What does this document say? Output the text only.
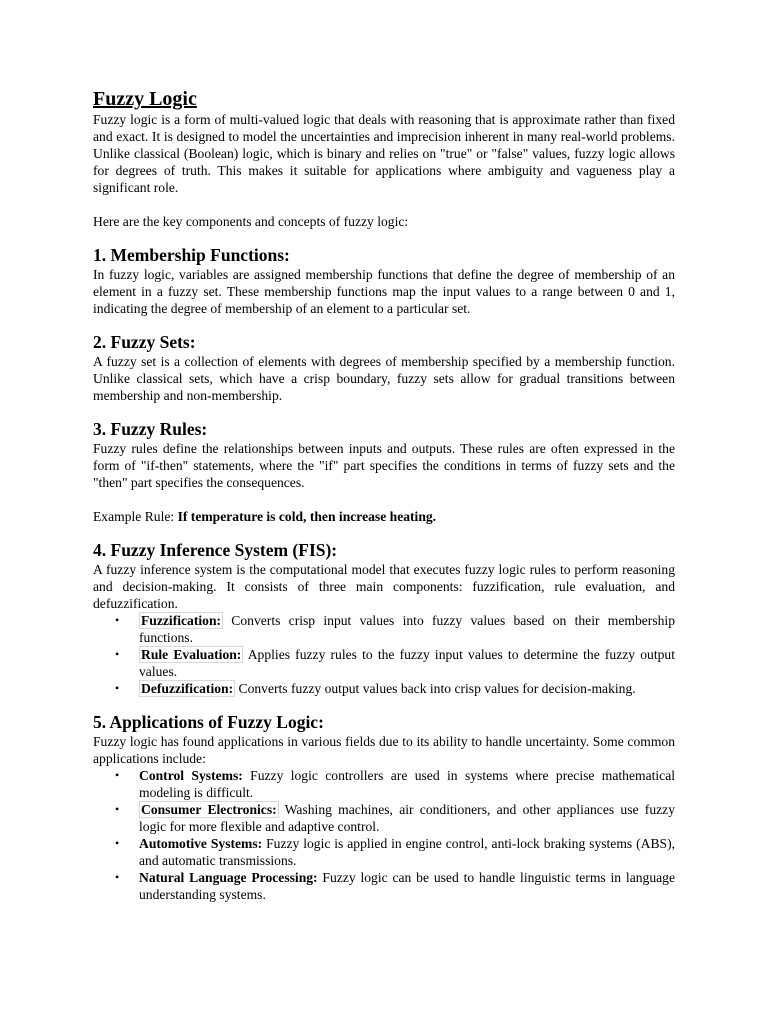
Fuzzy Logic

Fuzzy logic is a form of multi-valued logic that deals with reasoning that is approximate rather than fixed and exact. It is designed to model the uncertainties and imprecision inherent in many real-world problems. Unlike classical (Boolean) logic, which is binary and relies on "true" or "false" values, fuzzy logic allows for degrees of truth. This makes it suitable for applications where ambiguity and vagueness play a significant role.

Here are the key components and concepts of fuzzy logic:

1. Membership Functions:

In fuzzy logic, variables are assigned membership functions that define the degree of membership of an element in a fuzzy set. These membership functions map the input values to a range between 0 and 1, indicating the degree of membership of an element to a particular set.

2. Fuzzy Sets:

A fuzzy set is a collection of elements with degrees of membership specified by a membership function. Unlike classical sets, which have a crisp boundary, fuzzy sets allow for gradual transitions between membership and non-membership.

3. Fuzzy Rules:

Fuzzy rules define the relationships between inputs and outputs. These rules are often expressed in the form of "if-then" statements, where the "if" part specifies the conditions in terms of fuzzy sets and the "then" part specifies the consequences.

Example Rule: If temperature is cold, then increase heating.

4. Fuzzy Inference System (FIS):

A fuzzy inference system is the computational model that executes fuzzy logic rules to perform reasoning and decision-making. It consists of three main components: fuzzification, rule evaluation, and defuzzification.

• Fuzzification: Converts crisp input values into fuzzy values based on their membership functions.
• Rule Evaluation: Applies fuzzy rules to the fuzzy input values to determine the fuzzy output values.
• Defuzzification: Converts fuzzy output values back into crisp values for decision-making.
5. Applications of Fuzzy Logic:

Fuzzy logic has found applications in various fields due to its ability to handle uncertainty. Some common applications include:

• Control Systems: Fuzzy logic controllers are used in systems where precise mathematical modeling is difficult.
• Consumer Electronics: Washing machines, air conditioners, and other appliances use fuzzy logic for more flexible and adaptive control.
• Automotive Systems: Fuzzy logic is applied in engine control, anti-lock braking systems (ABS), and automatic transmissions.
• Natural Language Processing: Fuzzy logic can be used to handle linguistic terms in language understanding systems.
